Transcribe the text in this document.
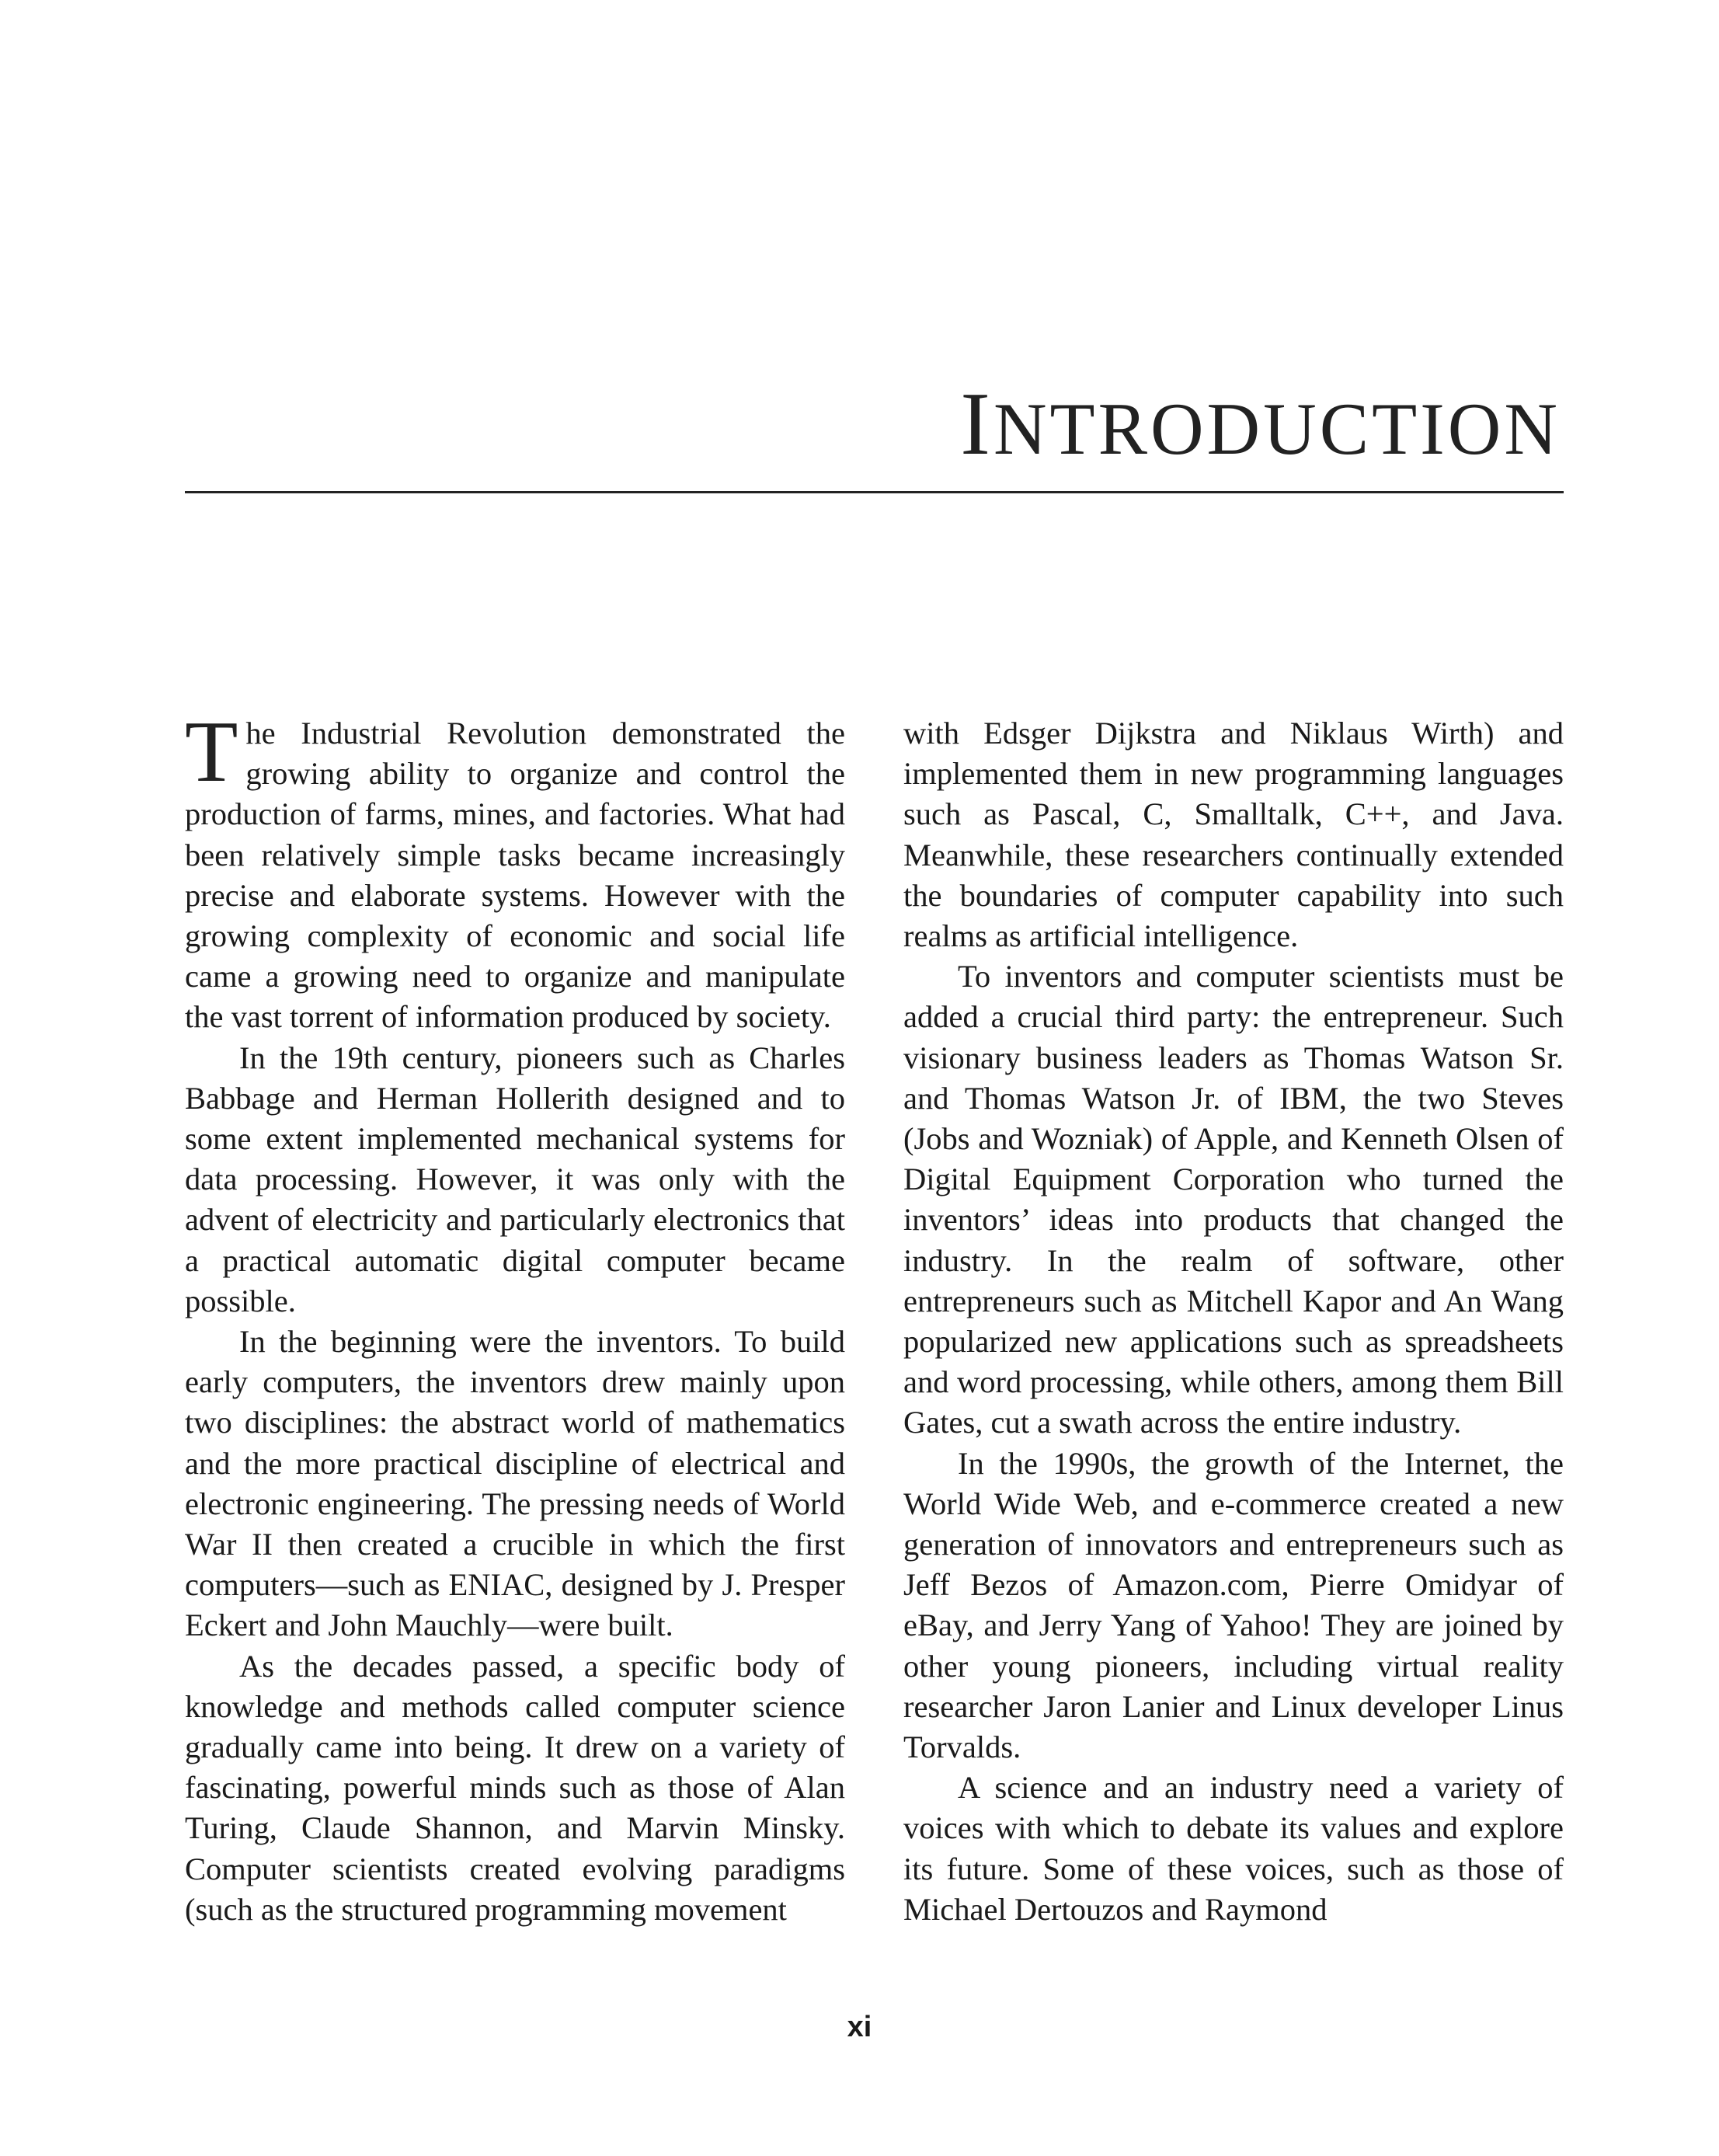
INTRODUCTION

The Industrial Revolution demonstrated the growing ability to organize and control the production of farms, mines, and factories. What had been relatively simple tasks became increasingly precise and elaborate systems. However with the growing complexity of economic and social life came a growing need to organize and manipulate the vast torrent of information produced by society.

In the 19th century, pioneers such as Charles Babbage and Herman Hollerith designed and to some extent implemented mechanical systems for data processing. However, it was only with the advent of electricity and particularly electronics that a practical automatic digital computer became possible.

In the beginning were the inventors. To build early computers, the inventors drew mainly upon two disciplines: the abstract world of mathematics and the more practical discipline of electrical and electronic engineering. The pressing needs of World War II then created a crucible in which the first computers—such as ENIAC, designed by J. Presper Eckert and John Mauchly—were built.

As the decades passed, a specific body of knowledge and methods called computer science gradually came into being. It drew on a variety of fascinating, powerful minds such as those of Alan Turing, Claude Shannon, and Marvin Minsky. Computer scientists created evolving paradigms (such as the structured programming movement

with Edsger Dijkstra and Niklaus Wirth) and implemented them in new programming languages such as Pascal, C, Smalltalk, C++, and Java. Meanwhile, these researchers continually extended the boundaries of computer capability into such realms as artificial intelligence.

To inventors and computer scientists must be added a crucial third party: the entrepreneur. Such visionary business leaders as Thomas Watson Sr. and Thomas Watson Jr. of IBM, the two Steves (Jobs and Wozniak) of Apple, and Kenneth Olsen of Digital Equipment Corporation who turned the inventors’ ideas into products that changed the industry. In the realm of software, other entrepreneurs such as Mitchell Kapor and An Wang popularized new applications such as spreadsheets and word processing, while others, among them Bill Gates, cut a swath across the entire industry.

In the 1990s, the growth of the Internet, the World Wide Web, and e-commerce created a new generation of innovators and entrepreneurs such as Jeff Bezos of Amazon.com, Pierre Omidyar of eBay, and Jerry Yang of Yahoo! They are joined by other young pioneers, including virtual reality researcher Jaron Lanier and Linux developer Linus Torvalds.

A science and an industry need a variety of voices with which to debate its values and explore its future. Some of these voices, such as those of Michael Dertouzos and Raymond

xi
